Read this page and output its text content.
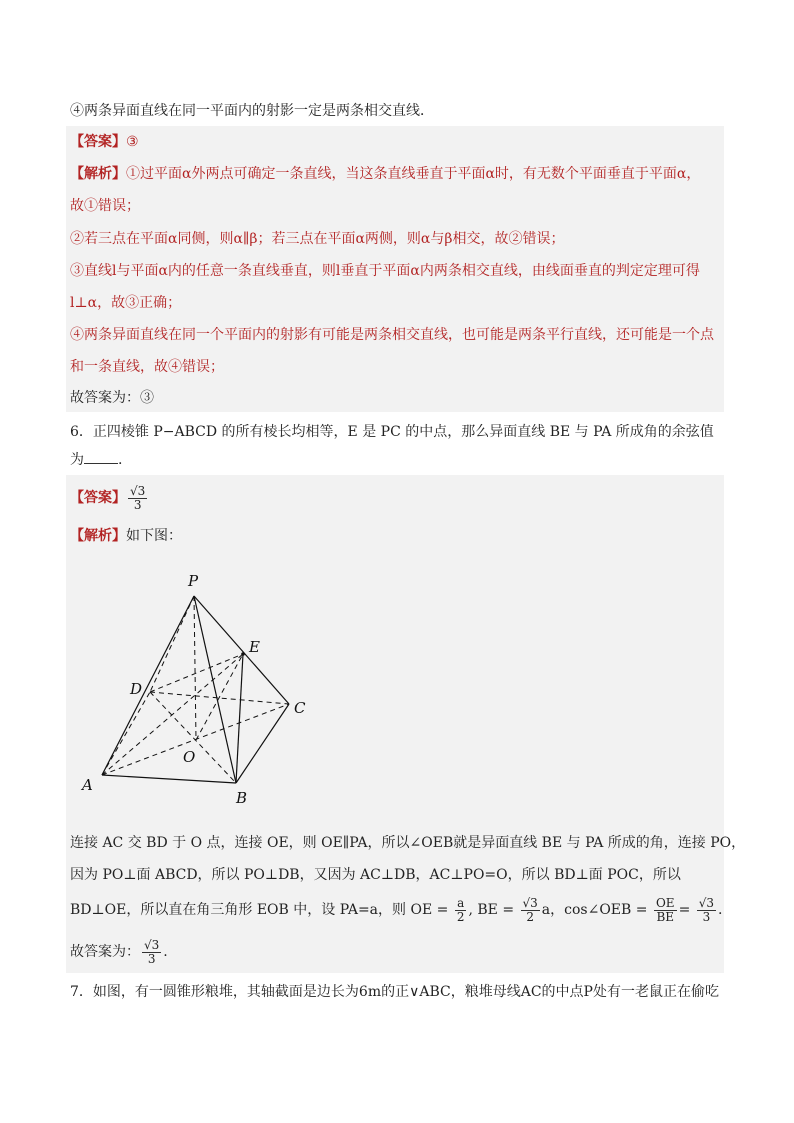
④两条异面直线在同一平面内的射影一定是两条相交直线．
【答案】③
【解析】①过平面α外两点可确定一条直线，当这条直线垂直于平面α时，有无数个平面垂直于平面α，
故①错误；
②若三点在平面α同侧，则α∥β；若三点在平面α两侧，则α与β相交，故②错误；
③直线l与平面α内的任意一条直线垂直，则l垂直于平面α内两条相交直线，由线面垂直的判定定理可得
l⊥α，故③正确；
④两条异面直线在同一个平面内的射影有可能是两条相交直线，也可能是两条平行直线，还可能是一个点
和一条直线，故④错误；
故答案为：③
6．正四棱锥 P−ABCD 的所有棱长均相等，E 是 PC 的中点，那么异面直线 BE 与 PA 所成角的余弦值
为 .
【答案】 $\frac{√3}{3}$
【解析】如下图：
P
E
D
C
O
A
B
连接 AC 交 BD 于 O 点，连接 OE，则 OE∥PA，所以∠OEB就是异面直线 BE 与 PA 所成的角，连接 PO，
因为 PO⊥面 ABCD，所以 PO⊥DB，又因为 AC⊥DB，AC⊥PO=O，所以 BD⊥面 POC，所以
BD⊥OE，所以直在角三角形 EOB 中，设 PA=a，则 OE = $\frac{a}{2}$ , BE = $\frac{√3}{2}$ a，cos∠OEB = $\frac{OE}{BE} = \frac{√3}{3}$ .
故答案为： $\frac{√3}{3}$ .
7．如图，有一圆锥形粮堆，其轴截面是边长为6m的正∨ABC，粮堆母线AC的中点P处有一老鼠正在偷吃
